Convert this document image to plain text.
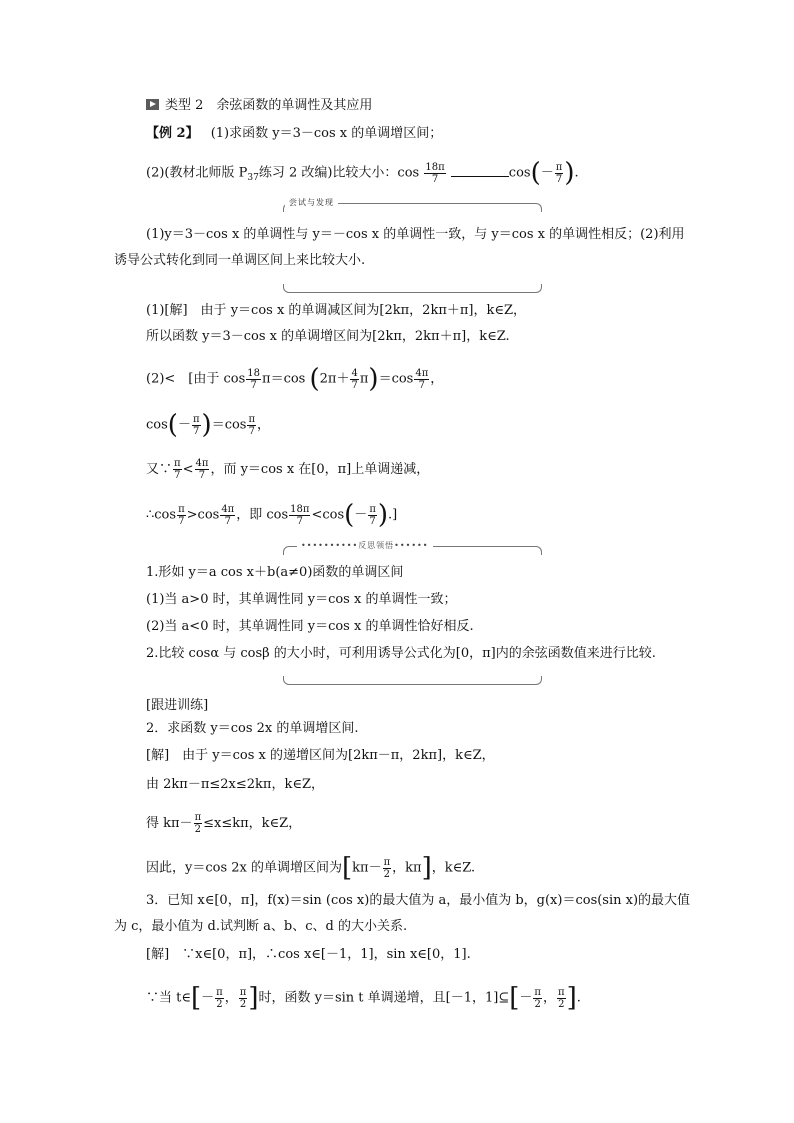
类型 2　余弦函数的单调性及其应用
【例 2】 (1)求函数 y＝3－cos x 的单调增区间；
(2)(教材北师版 $P_{37}$练习 2 改编)比较大小：$\cos \frac{18\pi}{7}$	$\cos(- \frac{\pi}{7}$ ).
尝试与发现
(1)y＝3－cos x 的单调性与 y＝－cos x 的单调性一致，与 y＝cos x 的单调性相反；(2)利用
诱导公式转化到同一单调区间上来比较大小.
(1)[解]　由于 y＝cos x 的单调减区间为[2kπ，2kπ＋π]，k∈Z，
所以函数 y＝3－cos x 的单调增区间为[2kπ，2kπ＋π]，k∈Z.
(2)<　[由于 $\cos \frac{18}{7} \pi=\cos$ $(2\pi+ \frac{4}{7} \pi)=\cos \frac{4\pi}{7}$ ，
$\cos(- \frac{\pi}{7} )=\cos \frac{\pi}{7}$ ，
又∵ $\frac{\pi}{7} < \frac{4\pi}{7}$ ，而 y＝cos x 在[0，π]上单调递减，
∴cos $\frac{\pi}{7} >\cos \frac{4\pi}{7}$ ，即 $\cos \frac{18\pi}{7} <\cos(- \frac{\pi}{7}$ ).]
••••••••••反思领悟••••••
1.形如 y＝a cos x＋b(a≠0)函数的单调区间
(1)当 a>0 时，其单调性同 y＝cos x 的单调性一致；
(2)当 a<0 时，其单调性同 y＝cos x 的单调性恰好相反.
2.比较 cosα 与 cosβ 的大小时，可利用诱导公式化为[0，π]内的余弦函数值来进行比较.
[跟进训练]
2．求函数 y＝cos 2x 的单调增区间.
[解]　由于 y＝cos x 的递增区间为[2kπ－π，2kπ]，k∈Z，
由 2kπ－π≤2x≤2kπ，k∈Z，
得 $k\pi- \frac{\pi}{2} \le x\le k\pi$，k∈Z，
因此，y＝cos 2x 的单调增区间为[$k\pi- \frac{\pi}{2}$ ，kπ]，k∈Z.
3．已知 x∈[0，π]，f(x)＝sin (cos x)的最大值为 a，最小值为 b，g(x)＝cos(sin x)的最大值
为 c，最小值为 d.试判断 a、b、c、d 的大小关系.
[解]　∵x∈[0，π]，∴cos x∈[－1，1]，sin x∈[0，1].
∵当 t∈[－ $\frac{\pi}{2}$ ， $\frac{\pi}{2}$ ]时，函数 y＝sin t 单调递增，且[－1，1]⊆[－ $\frac{\pi}{2}$ ， $\frac{\pi}{2}$ ].
